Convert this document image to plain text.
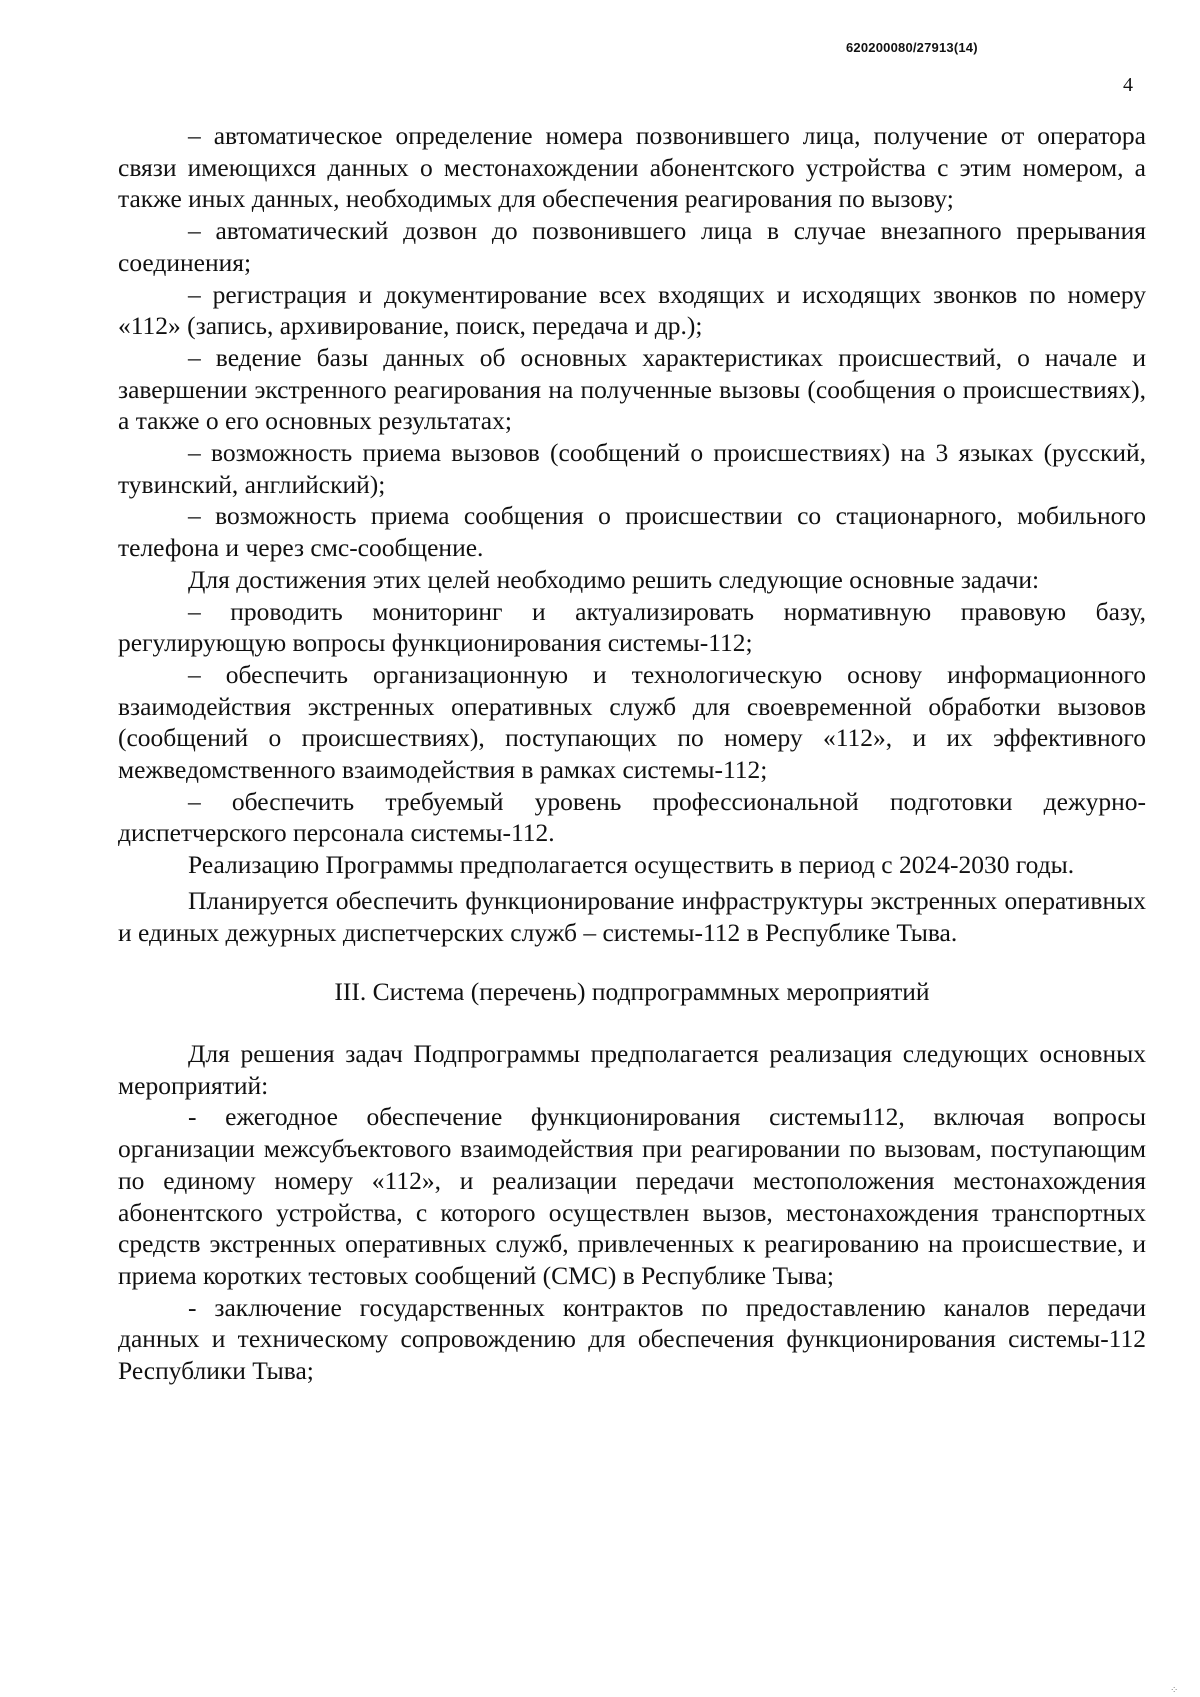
620200080/27913(14)
4

– автоматическое определение номера позвонившего лица, получение от оператора связи имеющихся данных о местонахождении абонентского устройства с этим номером, а также иных данных, необходимых для обеспечения реагирования по вызову;

– автоматический дозвон до позвонившего лица в случае внезапного прерывания соединения;

– регистрация и документирование всех входящих и исходящих звонков по номеру «112» (запись, архивирование, поиск, передача и др.);

– ведение базы данных об основных характеристиках происшествий, о начале и завершении экстренного реагирования на полученные вызовы (сообщения о происшествиях), а также о его основных результатах;

– возможность приема вызовов (сообщений о происшествиях) на 3 языках (русский, тувинский, английский);

– возможность приема сообщения о происшествии со стационарного, мобильного телефона и через смс-сообщение.

Для достижения этих целей необходимо решить следующие основные задачи:

– проводить мониторинг и актуализировать нормативную правовую базу, регулирующую вопросы функционирования системы-112;

– обеспечить организационную и технологическую основу информационного взаимодействия экстренных оперативных служб для своевременной обработки вызовов (сообщений о происшествиях), поступающих по номеру «112», и их эффективного межведомственного взаимодействия в рамках системы-112;

– обеспечить требуемый уровень профессиональной подготовки дежурно-диспетчерского персонала системы-112.

Реализацию Программы предполагается осуществить в период с 2024-2030 годы.

Планируется обеспечить функционирование инфраструктуры экстренных оперативных и единых дежурных диспетчерских служб – системы-112 в Республике Тыва.

III. Система (перечень) подпрограммных мероприятий

Для решения задач Подпрограммы предполагается реализация следующих основных мероприятий:

- ежегодное обеспечение функционирования системы112, включая вопросы организации межсубъектового взаимодействия при реагировании по вызовам, поступающим по единому номеру «112», и реализации передачи местоположения местонахождения абонентского устройства, с которого осуществлен вызов, местонахождения транспортных средств экстренных оперативных служб, привлеченных к реагированию на происшествие, и приема коротких тестовых сообщений (СМС) в Республике Тыва;

- заключение государственных контрактов по предоставлению каналов передачи данных и техническому сопровождению для обеспечения функционирования системы-112 Республики Тыва;

⁘
